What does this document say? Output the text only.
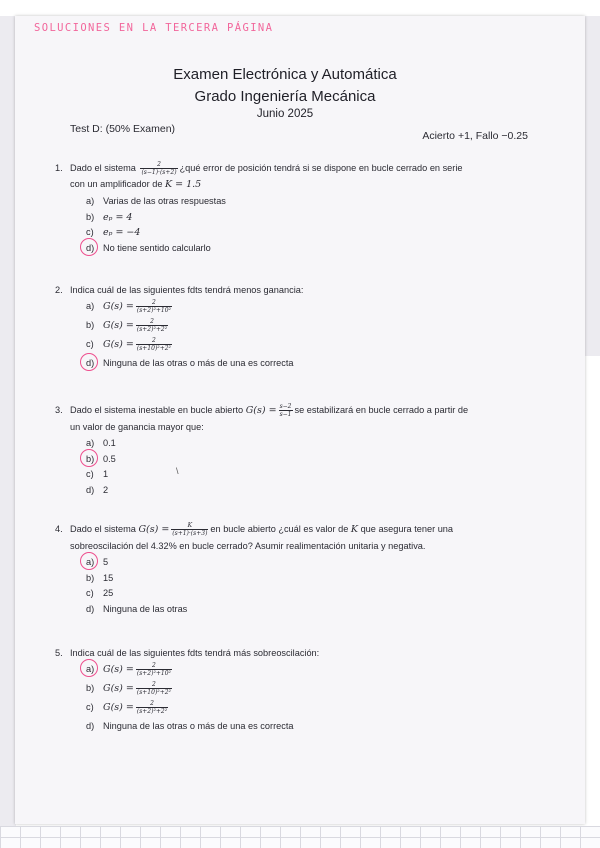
SOLUCIONES EN LA TERCERA PÁGINA
Examen Electrónica y Automática
Grado Ingeniería Mecánica
Junio 2025
Test D: (50% Examen)
Acierto +1, Fallo −0.25
1. Dado el sistema $\frac{2}{(s-1)\cdot(s+2)}$ ¿qué error de posición tendrá si se dispone en bucle cerrado en serie
con un amplificador de K = 1.5
a) Varias de las otras respuestas
b) eₚ = 4
c) eₚ = −4
d) No tiene sentido calcularlo
2. Indica cuál de las siguientes fdts tendrá menos ganancia:
a) $G(s) = \frac{2}{\text{(s+2)²+10²}}$
b) $G(s) = \frac{2}{\text{(s+2)²+2²}}$
c) $G(s) = \frac{2}{\text{(s+10)²+2²}}$
d) Ninguna de las otras o más de una es correcta
3. Dado el sistema inestable en bucle abierto $G(s) = \frac{s-2}{s-1}$ se estabilizará en bucle cerrado a partir de
un valor de ganancia mayor que:
a) 0.1
b) 0.5
c) 1
d) 2
\
4. Dado el sistema $G(s) = \frac{K}{(s+1)\cdot(s+3)}$ en bucle abierto ¿cuál es valor de K que asegura tener una
sobreoscilación del 4.32% en bucle cerrado? Asumir realimentación unitaria y negativa.
a) 5
b) 15
c) 25
d) Ninguna de las otras
5. Indica cuál de las siguientes fdts tendrá más sobreoscilación:
a) $G(s) = \frac{2}{\text{(s+2)²+10²}}$
b) $G(s) = \frac{2}{\text{(s+10)²+2²}}$
c) $G(s) = \frac{2}{\text{(s+2)²+2²}}$
d) Ninguna de las otras o más de una es correcta
